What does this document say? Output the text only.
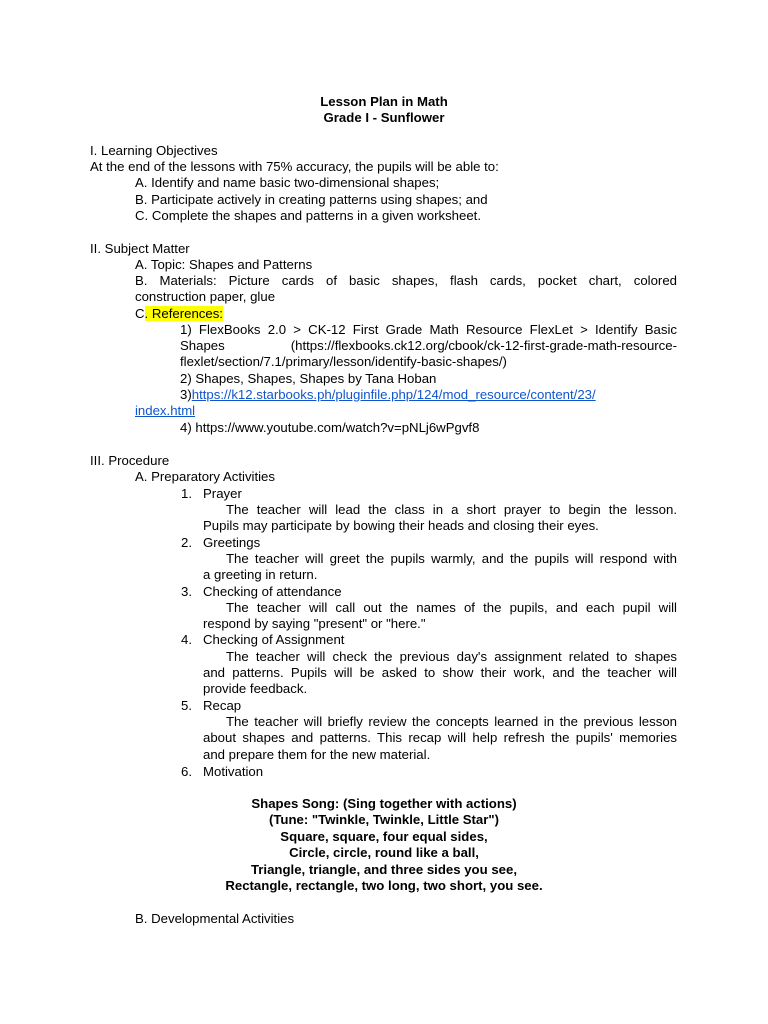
Lesson Plan in Math
Grade I - Sunflower
I. Learning Objectives
At the end of the lessons with 75% accuracy, the pupils will be able to:
A. Identify and name basic two-dimensional shapes;
B. Participate actively in creating patterns using shapes; and
C. Complete the shapes and patterns in a given worksheet.
II. Subject Matter
A. Topic: Shapes and Patterns
B. Materials: Picture cards of basic shapes, flash cards, pocket chart, colored
construction paper, glue
C. References:
1) FlexBooks 2.0 > CK-12 First Grade Math Resource FlexLet > Identify Basic
Shapes          (https://flexbooks.ck12.org/cbook/ck-12-first-grade-math-resource-
flexlet/section/7.1/primary/lesson/identify-basic-shapes/)
2) Shapes, Shapes, Shapes by Tana Hoban
3)https://k12.starbooks.ph/pluginfile.php/124/mod_resource/content/23/
index.html
4) https://www.youtube.com/watch?v=pNLj6wPgvf8
III. Procedure
A. Preparatory Activities
1. Prayer
The teacher will lead the class in a short prayer to begin the lesson.
Pupils may participate by bowing their heads and closing their eyes.
2. Greetings
The teacher will greet the pupils warmly, and the pupils will respond with
a greeting in return.
3. Checking of attendance
The teacher will call out the names of the pupils, and each pupil will
respond by saying "present" or "here."
4. Checking of Assignment
The teacher will check the previous day's assignment related to shapes
and patterns. Pupils will be asked to show their work, and the teacher will
provide feedback.
5. Recap
The teacher will briefly review the concepts learned in the previous lesson
about shapes and patterns. This recap will help refresh the pupils' memories
and prepare them for the new material.
6. Motivation
Shapes Song: (Sing together with actions)
(Tune: "Twinkle, Twinkle, Little Star")
Square, square, four equal sides,
Circle, circle, round like a ball,
Triangle, triangle, and three sides you see,
Rectangle, rectangle, two long, two short, you see.
B. Developmental Activities
